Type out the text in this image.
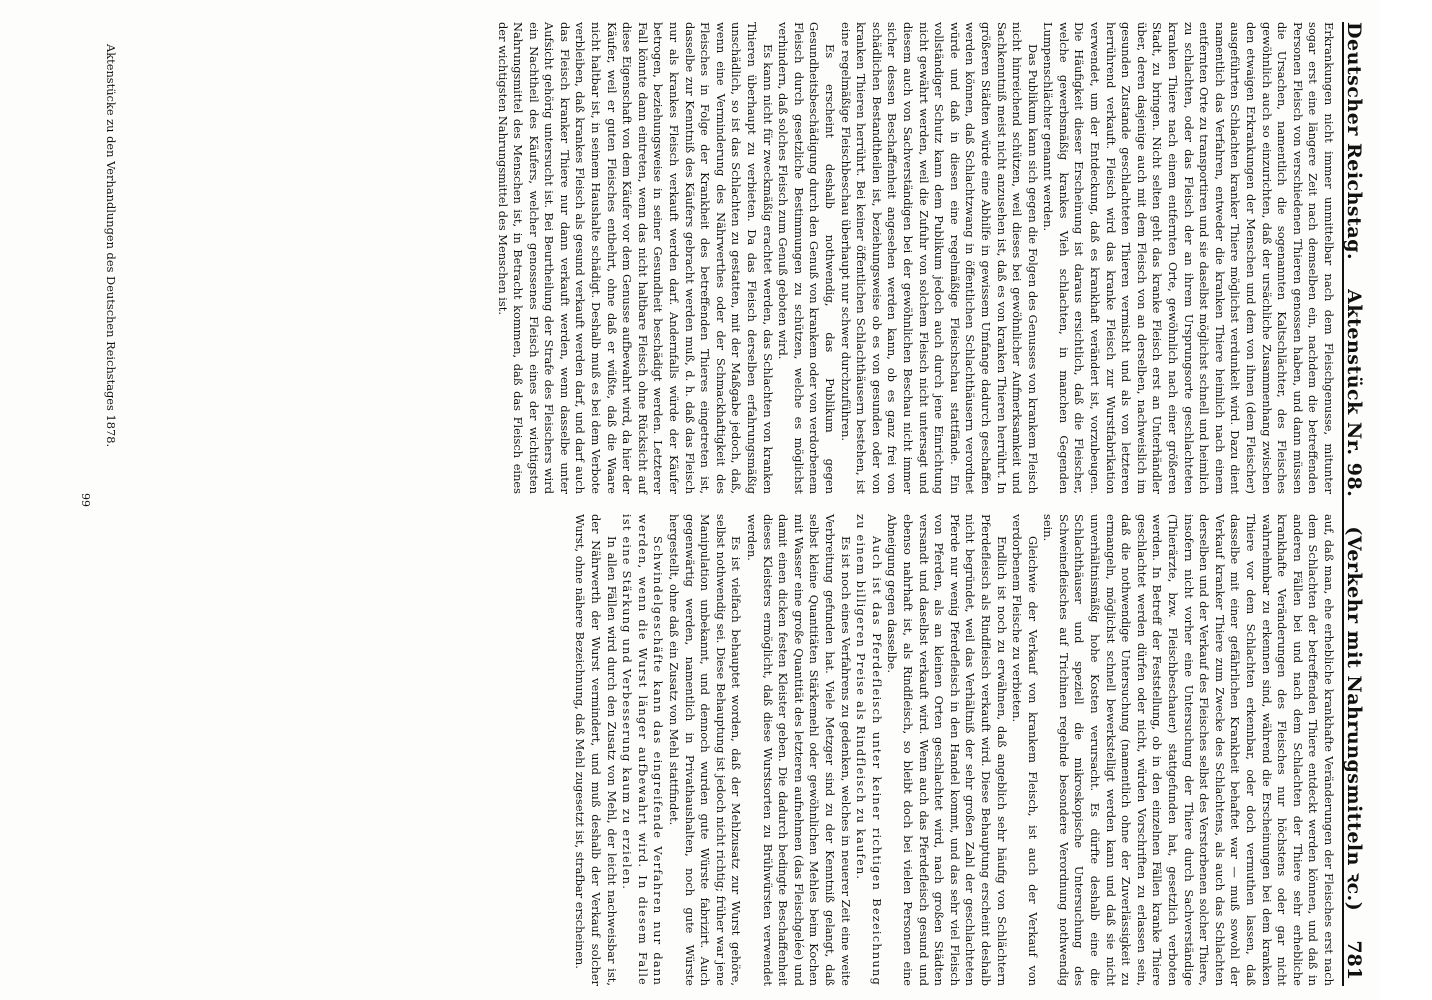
Deutscher Reichstag.
Aktenstück Nr. 98.
(Verkehr mit Nahrungsmitteln ꝛc.)
781

Erkrankungen nicht immer unmittelbar nach dem Fleischgenusse, mitunter sogar erst eine längere Zeit nach demselben ein, nachdem die betreffenden Personen Fleisch von verschiedenen Thieren genossen haben, und dann müssen die Ursachen, namentlich die sogenannten Kaltschlächter, des Fleisches gewöhnlich auch so einzurichten, daß der ursächliche Zusammenhang zwischen den etwaigen Erkrankungen der Menschen und dem von ihnen (dem Fleischer) ausgeführten Schlachten kranker Thiere möglichst verdunkelt wird. Dazu dient namentlich das Verfahren, entweder die kranken Thiere heimlich nach einem entfernten Orte zu transportiren und sie daselbst möglichst schnell und heimlich zu schlachten, oder das Fleisch der an ihrem Ursprungsorte geschlachteten kranken Thiere nach einem entfernten Orte, gewöhnlich nach einer größeren Stadt, zu bringen. Nicht selten geht das kranke Fleisch erst an Unterhändler über, deren dasjenige auch mit dem Fleisch von an derselben, nachweislich im gesunden Zustande geschlachteten Thieren vermischt und als von letzteren herrührend verkauft. Fleisch wird das kranke Fleisch zur Wurstfabrikation verwendet, um der Entdeckung, daß es krankhaft verändert ist, vorzubeugen. Die Häufigkeit dieser Erscheinung ist daraus ersichtlich, daß die Fleischer, welche gewerbsmäßig krankes Vieh schlachten, in manchen Gegenden Lumpenschlächter genannt werden.

Das Publikum kann sich gegen die Folgen des Genusses von krankem Fleisch nicht hinreichend schützen, weil dieses bei gewöhnlicher Aufmerksamkeit und Sachkenntniß meist nicht anzusehen ist, daß es von kranken Thieren herrührt. In größeren Städten würde eine Abhilfe in gewissem Umfange dadurch geschaffen werden können, daß Schlachtzwang in öffentlichen Schlachthäusern verordnet würde und daß in diesen eine regelmäßige Fleischschau stattfände. Ein vollständiger Schutz kann dem Publikum jedoch auch durch jene Einrichtung nicht gewährt werden, weil die Zufuhr von solchem Fleisch nicht untersagt und diesem auch von Sachverständigen bei der gewöhnlichen Beschau nicht immer sicher dessen Beschaffenheit angesehen werden kann, ob es ganz frei von schädlichen Bestandtheilen ist, beziehungsweise ob es von gesunden oder von kranken Thieren herrührt. Bei keiner öffentlichen Schlachthäusern bestehen, ist eine regelmäßige Fleischbeschau überhaupt nur schwer durchzuführen.

Es erscheint deshalb nothwendig, das Publikum gegen Gesundheitsbeschädigung durch den Genuß von krankem oder von verdorbenem Fleisch durch gesetzliche Bestimmungen zu schützen, welche es möglichst verhindern, daß solches Fleisch zum Genuß geboten wird.

Es kann nicht für zweckmäßig erachtet werden, das Schlachten von kranken Thieren überhaupt zu verbieten. Da das Fleisch derselben erfahrungsmäßig unschädlich, so ist das Schlachten zu gestatten, mit der Maßgabe jedoch, daß, wenn eine Verminderung des Nährwerthes oder der Schmackhaftigkeit des Fleisches in Folge der Krankheit des betreffenden Thieres eingetreten ist, dasselbe zur Kenntniß des Käufers gebracht werden muß, d. h. daß das Fleisch nur als krankes Fleisch verkauft werden darf. Andernfalls würde der Käufer betrogen, beziehungsweise in seiner Gesundheit beschädigt werden. Letzterer Fall könnte dann eintreten, wenn das nicht haltbare Fleisch ohne Rücksicht auf diese Eigenschaft von dem Käufer vor dem Genusse aufbewahrt wird, da hier der Käufer, weil er guten Fleisches entbehrt, ohne daß er wüßte, daß die Waare nicht haltbar ist, in seinem Haushalte schädigt. Deshalb muß es bei dem Verbote verbleiben, daß krankes Fleisch als gesund verkauft werden darf, und darf auch das Fleisch kranker Thiere nur dann verkauft werden, wenn dasselbe unter Aufsicht gehörig untersucht ist. Bei Beurtheilung der Strafe des Fleischers wird ein Nachtheil des Käufers, welcher genossenes Fleisch eines der wichtigsten Nahrungsmittel des Menschen ist, in Betracht kommen, daß das Fleisch eines der wichtigsten Nahrungsmittel des Menschen ist.

auf, daß man, ehe erhebliche krankhafte Veränderungen der Fleisches erst nach dem Schlachten der betreffenden Thiere entdeckt werden können, und daß in anderen Fällen bei und nach dem Schlachten der Thiere sehr erhebliche krankhafte Veränderungen des Fleisches nur höchstens oder gar nicht wahrnehmbar zu erkennen sind, während die Erscheinungen bei dem kranken Thiere vor dem Schlachten erkennbar, oder doch vermuthen lassen, daß dasselbe mit einer gefährlichen Krankheit behaftet war — muß sowohl der Verkauf kranker Thiere zum Zwecke des Schlachtens, als auch das Schlachten derselben und der Verkauf des Fleisches selbst des Verstorbenen solcher Thiere, insofern nicht vorher eine Untersuchung der Thiere durch Sachverständige (Thierärzte, bzw. Fleischbeschauer) stattgefunden hat, gesetzlich verboten werden. In Betreff der Feststellung, ob in den einzelnen Fällen kranke Thiere geschlachtet werden dürfen oder nicht, würden Vorschriften zu erlassen sein, daß die nothwendige Untersuchung (namentlich ohne der Zuverlässigkeit zu ermangeln, möglichst schnell bewerkstelligt werden kann und daß sie nicht unverhältnismäßig hohe Kosten verursacht. Es dürfte deshalb eine die Schlachthäuser und speziell die mikroskopische Untersuchung des Schweinefleisches auf Trichinen regelnde besondere Verordnung nothwendig sein.

Gleichwie der Verkauf von krankem Fleisch, ist auch der Verkauf von verdorbenem Fleische zu verbieten.

Endlich ist noch zu erwähnen, daß angeblich sehr häufig von Schlächtern Pferdefleisch als Rindfleisch verkauft wird. Diese Behauptung erscheint deshalb nicht begründet, weil das Verhältniß der sehr großen Zahl der geschlachteten Pferde nur wenig Pferdefleisch in den Handel kommt, und das sehr viel Fleisch von Pferden, als an kleinen Orten geschlachtet wird, nach großen Städten versandt und daselbst verkauft wird. Wenn auch das Pferdefleisch gesund und ebenso nahrhaft ist, als Rindfleisch, so bleibt doch bei vielen Personen eine Abneigung gegen dasselbe.

Auch ist das Pferdefleisch unter keiner richtigen Bezeichnung zu einem billigeren Preise als Rindfleisch zu kaufen.

Es ist noch eines Verfahrens zu gedenken, welches in neuerer Zeit eine weite Verbreitung gefunden hat. Viele Metzger sind zu der Kenntniß gelangt, daß selbst kleine Quantitäten Stärkemehl oder gewöhnlichen Mehles beim Kochen mit Wasser eine große Quantität des letzteren aufnehmen (das Fleischgelée) und damit einen dicken festen Kleister geben. Die dadurch bedingte Beschaffenheit dieses Kleisters ermöglicht, daß diese Wurstsorten zu Brühwürsten verwendet werden.

Es ist vielfach behauptet worden, daß der Mehlzusatz zur Wurst gehöre, selbst nothwendig sei. Diese Behauptung ist jedoch nicht richtig; früher war jene Manipulation unbekannt, und dennoch wurden gute Würste fabrizirt. Auch gegenwärtig werden, namentlich in Privathaushalten, noch gute Würste hergestellt, ohne daß ein Zusatz von Mehl stattfindet.

Schwindelgeschäfte kann das eingreifende Verfahren nur dann werden, wenn die Wurst länger aufbewahrt wird. In diesem Falle ist eine Stärkung und Verbesserung kaum zu erzielen.

In allen Fällen wird durch den Zusatz von Mehl, der leicht nachweisbar ist, der Nährwerth der Wurst vermindert, und muß deshalb der Verkauf solcher Wurst, ohne nähere Bezeichnung, daß Mehl zugesetzt ist, strafbar erscheinen.

Aktenstücke zu den Verhandlungen des Deutschen Reichstages 1878.

99
